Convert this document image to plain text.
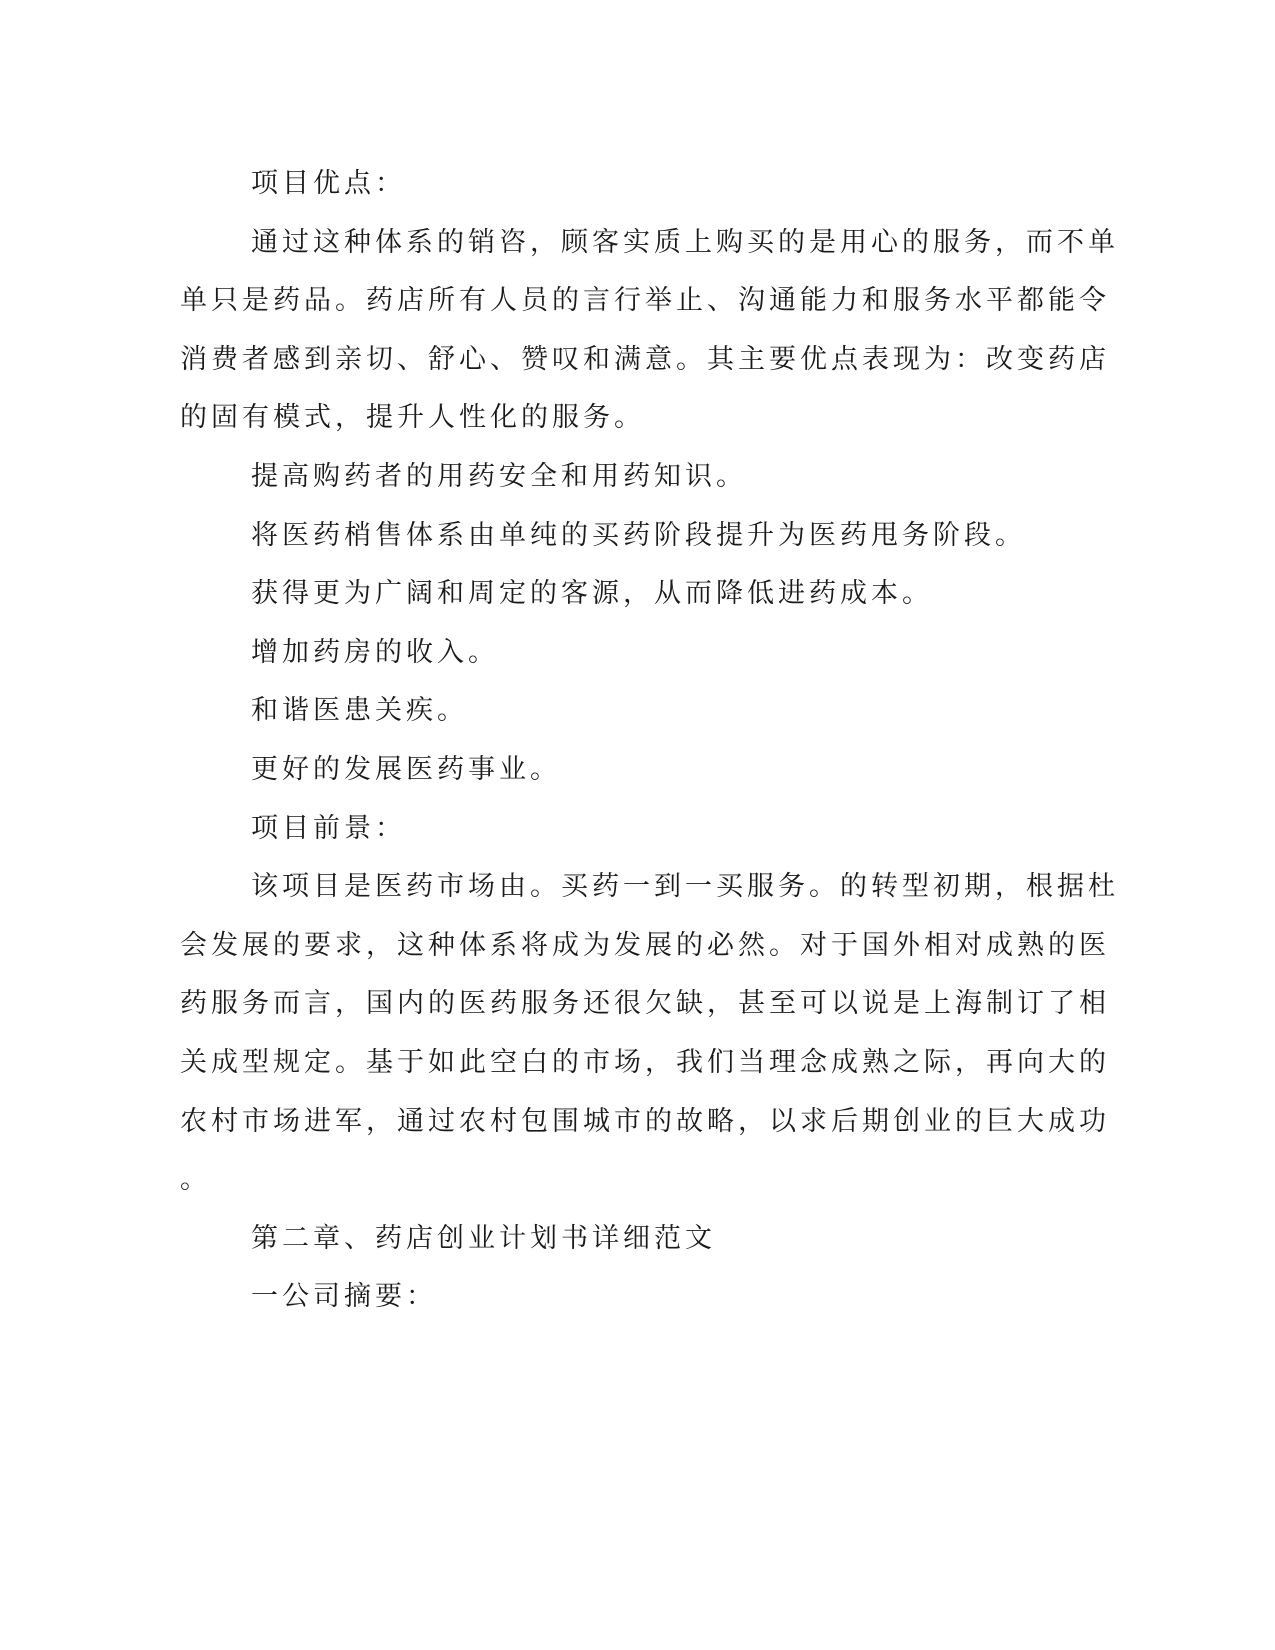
项目优点：

通过这种体系的销咨，顾客实质上购买的是用心的服务，而不单
单只是药品。药店所有人员的言行举止、沟通能力和服务水平都能令
消费者感到亲切、舒心、赞叹和满意。其主要优点表现为：改变药店
的固有模式，提升人性化的服务。

提高购药者的用药安全和用药知识。

将医药梢售体系由单纯的买药阶段提升为医药甩务阶段。

获得更为广阔和周定的客源，从而降低进药成本。

增加药房的收入。

和谐医患关疾。

更好的发展医药事业。

项目前景：

该项目是医药市场由。买药一到一买服务。的转型初期，根据杜
会发展的要求，这种体系将成为发展的必然。对于国外相对成熟的医
药服务而言，国内的医药服务还很欠缺，甚至可以说是上海制订了相
关成型规定。基于如此空白的市场，我们当理念成熟之际，再向大的
农村市场进军，通过农村包围城市的故略，以求后期创业的巨大成功
。

第二章、药店创业计划书详细范文

一公司摘要：
